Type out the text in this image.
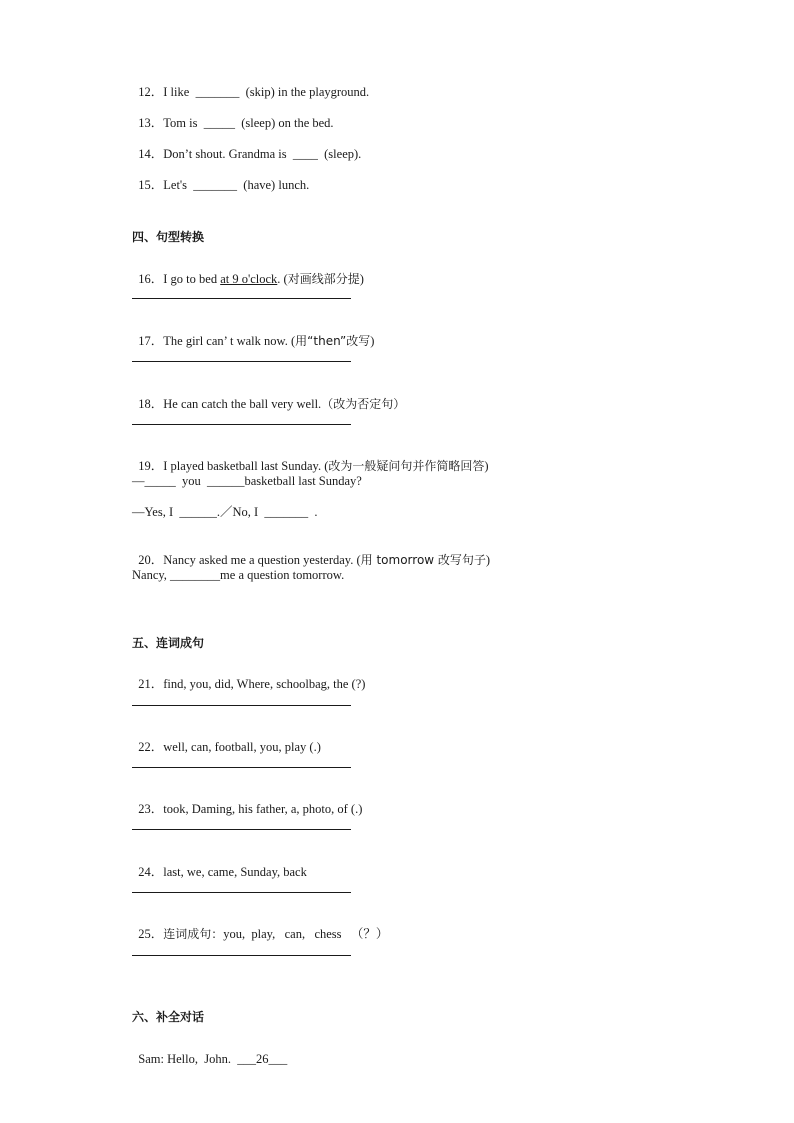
12．I like  _______  (skip) in the playground.

13．Tom is  _____  (sleep) on the bed.

14．Don’t shout. Grandma is  ____  (sleep).

15．Let's  _______  (have) lunch.

四、句型转换

16．I go to bed at 9 o'clock. (对画线部分提)

17．The girl can’ t walk now. (用“then”改写)

18．He can catch the ball very well.（改为否定句）

19．I played basketball last Sunday. (改为一般疑问句并作简略回答)

—_____  you  ______basketball last Sunday?
—Yes, I  ______.／No, I  _______  .

20．Nancy asked me a question yesterday. (用 tomorrow 改写句子)

Nancy, ________me a question tomorrow.
五、连词成句

21．find, you, did, Where, schoolbag, the (?)

22．well, can, football, you, play (.)

23．took, Daming, his father, a, photo, of (.)

24．last, we, came, Sunday, back

25．连词成句：you,  play,   can,   chess   （？）

六、补全对话

Sam: Hello,  John.  ___26___
